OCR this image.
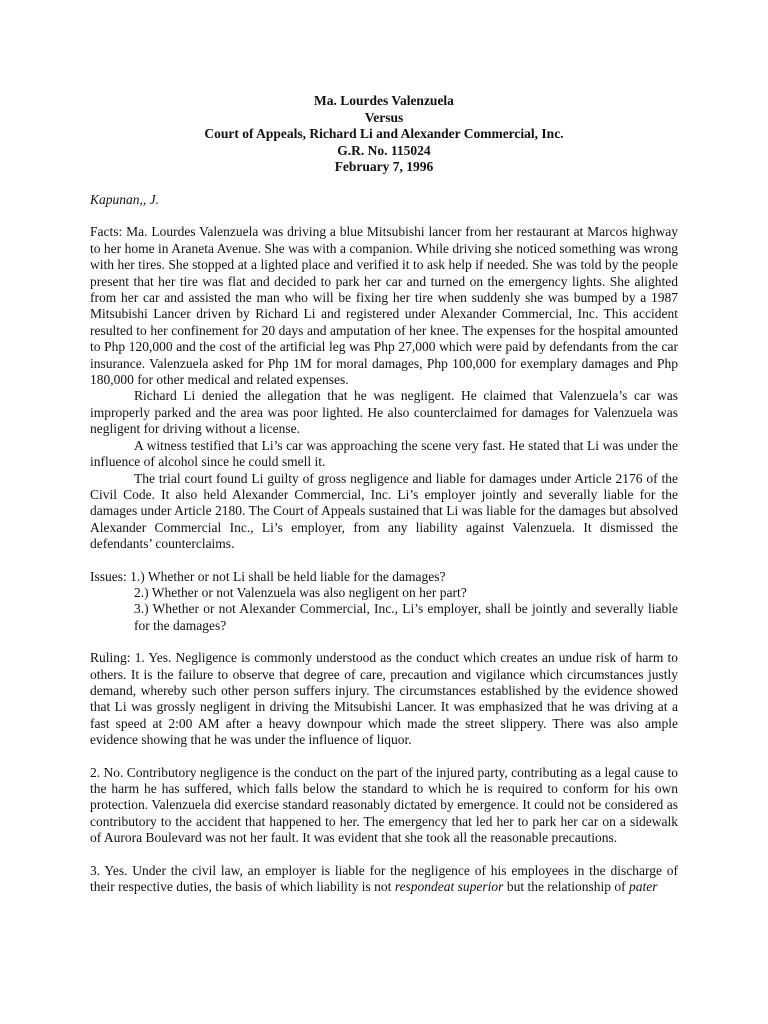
Ma. Lourdes Valenzuela
Versus
Court of Appeals, Richard Li and Alexander Commercial, Inc.
G.R. No. 115024
February 7, 1996

Kapunan,, J.

Facts: Ma. Lourdes Valenzuela was driving a blue Mitsubishi lancer from her restaurant at Marcos highway to her home in Araneta Avenue. She was with a companion. While driving she noticed something was wrong with her tires. She stopped at a lighted place and verified it to ask help if needed. She was told by the people present that her tire was flat and decided to park her car and turned on the emergency lights. She alighted from her car and assisted the man who will be fixing her tire when suddenly she was bumped by a 1987 Mitsubishi Lancer driven by Richard Li and registered under Alexander Commercial, Inc. This accident resulted to her confinement for 20 days and amputation of her knee. The expenses for the hospital amounted to Php 120,000 and the cost of the artificial leg was Php 27,000 which were paid by defendants from the car insurance. Valenzuela asked for Php 1M for moral damages, Php 100,000 for exemplary damages and Php 180,000 for other medical and related expenses.

Richard Li denied the allegation that he was negligent. He claimed that Valenzuela’s car was improperly parked and the area was poor lighted. He also counterclaimed for damages for Valenzuela was negligent for driving without a license.

A witness testified that Li’s car was approaching the scene very fast. He stated that Li was under the influence of alcohol since he could smell it.

The trial court found Li guilty of gross negligence and liable for damages under Article 2176 of the Civil Code. It also held Alexander Commercial, Inc. Li’s employer jointly and severally liable for the damages under Article 2180. The Court of Appeals sustained that Li was liable for the damages but absolved Alexander Commercial Inc., Li’s employer, from any liability against Valenzuela. It dismissed the defendants’ counterclaims.

Issues: 1.) Whether or not Li shall be held liable for the damages?

2.) Whether or not Valenzuela was also negligent on her part?

3.) Whether or not Alexander Commercial, Inc., Li’s employer, shall be jointly and severally liable for the damages?

Ruling: 1. Yes. Negligence is commonly understood as the conduct which creates an undue risk of harm to others. It is the failure to observe that degree of care, precaution and vigilance which circumstances justly demand, whereby such other person suffers injury. The circumstances established by the evidence showed that Li was grossly negligent in driving the Mitsubishi Lancer. It was emphasized that he was driving at a fast speed at 2:00 AM after a heavy downpour which made the street slippery. There was also ample evidence showing that he was under the influence of liquor.

2. No. Contributory negligence is the conduct on the part of the injured party, contributing as a legal cause to the harm he has suffered, which falls below the standard to which he is required to conform for his own protection. Valenzuela did exercise standard reasonably dictated by emergence. It could not be considered as contributory to the accident that happened to her. The emergency that led her to park her car on a sidewalk of Aurora Boulevard was not her fault. It was evident that she took all the reasonable precautions.

3. Yes. Under the civil law, an employer is liable for the negligence of his employees in the discharge of their respective duties, the basis of which liability is not respondeat superior but the relationship of pater
